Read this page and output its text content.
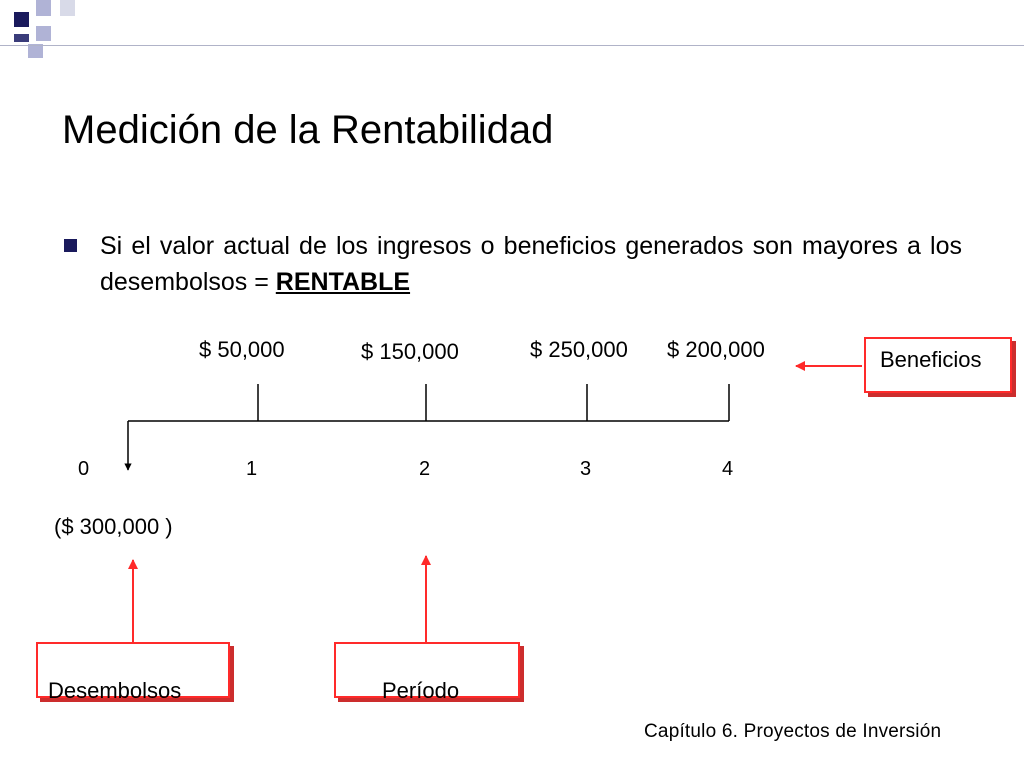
Medición de la Rentabilidad
Si el valor actual de los ingresos o beneficios generados son mayores a los desembolsos = RENTABLE
$ 50,000	$ 150,000	$ 250,000 $ 200,000
0	1	2	3	4
($ 300,000 )
Beneficios
Desembolsos	Período
Capítulo 6. Proyectos de Inversión
